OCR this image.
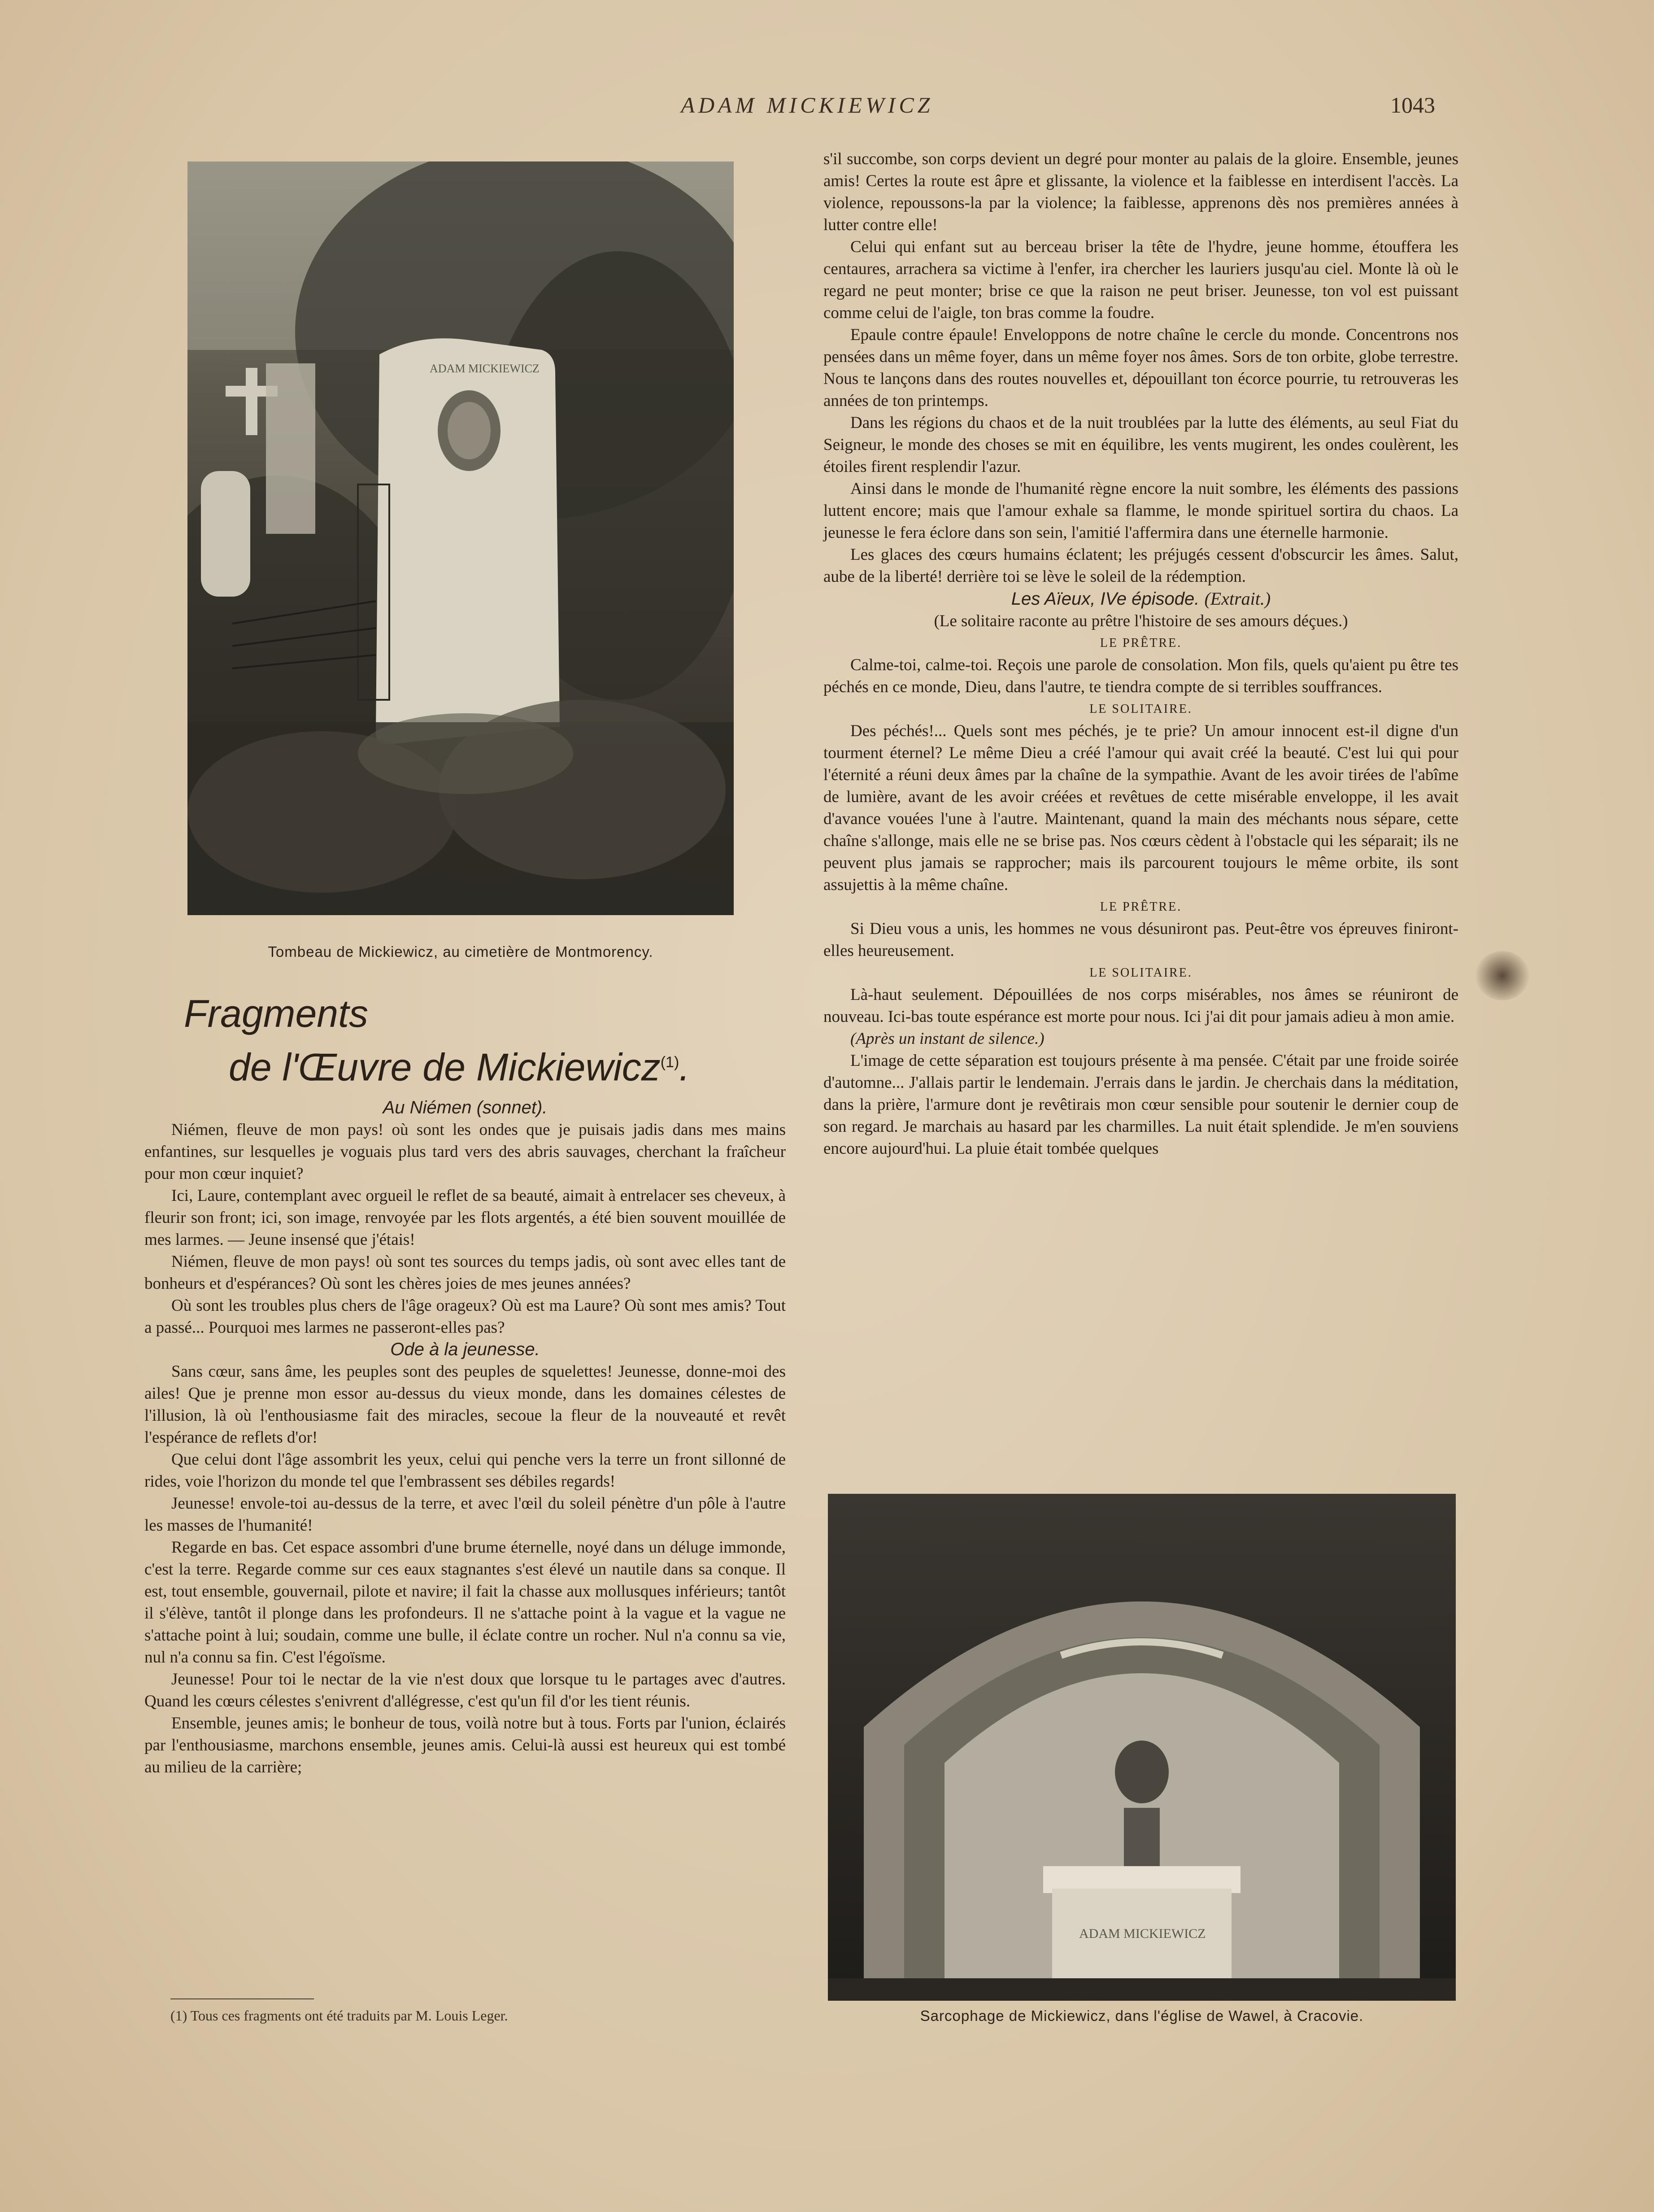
ADAM MICKIEWICZ	1043
ADAM MICKIEWICZ
Tombeau de Mickiewicz, au cimetière de Montmorency.
Fragments
de l'Œuvre de Mickiewicz$^{(1)}$.

Au Niémen (sonnet).

Niémen, fleuve de mon pays! où sont les ondes que je puisais jadis dans mes mains enfantines, sur lesquelles je voguais plus tard vers des abris sauvages, cherchant la fraîcheur pour mon cœur inquiet?

Ici, Laure, contemplant avec orgueil le reflet de sa beauté, aimait à entrelacer ses cheveux, à fleurir son front; ici, son image, renvoyée par les flots argentés, a été bien souvent mouillée de mes larmes. — Jeune insensé que j'étais!

Niémen, fleuve de mon pays! où sont tes sources du temps jadis, où sont avec elles tant de bonheurs et d'espérances? Où sont les chères joies de mes jeunes années?

Où sont les troubles plus chers de l'âge orageux? Où est ma Laure? Où sont mes amis? Tout a passé... Pourquoi mes larmes ne passeront-elles pas?

Ode à la jeunesse.

Sans cœur, sans âme, les peuples sont des peuples de squelettes! Jeunesse, donne-moi des ailes! Que je prenne mon essor au-dessus du vieux monde, dans les domaines célestes de l'illusion, là où l'enthousiasme fait des miracles, secoue la fleur de la nouveauté et revêt l'espérance de reflets d'or!

Que celui dont l'âge assombrit les yeux, celui qui penche vers la terre un front sillonné de rides, voie l'horizon du monde tel que l'embrassent ses débiles regards!

Jeunesse! envole-toi au-dessus de la terre, et avec l'œil du soleil pénètre d'un pôle à l'autre les masses de l'humanité!

Regarde en bas. Cet espace assombri d'une brume éternelle, noyé dans un déluge immonde, c'est la terre. Regarde comme sur ces eaux stagnantes s'est élevé un nautile dans sa conque. Il est, tout ensemble, gouvernail, pilote et navire; il fait la chasse aux mollusques inférieurs; tantôt il s'élève, tantôt il plonge dans les profondeurs. Il ne s'attache point à la vague et la vague ne s'attache point à lui; soudain, comme une bulle, il éclate contre un rocher. Nul n'a connu sa vie, nul n'a connu sa fin. C'est l'égoïsme.

Jeunesse! Pour toi le nectar de la vie n'est doux que lorsque tu le partages avec d'autres. Quand les cœurs célestes s'enivrent d'allégresse, c'est qu'un fil d'or les tient réunis.

Ensemble, jeunes amis; le bonheur de tous, voilà notre but à tous. Forts par l'union, éclairés par l'enthousiasme, marchons ensemble, jeunes amis. Celui-là aussi est heureux qui est tombé au milieu de la carrière;

(1) Tous ces fragments ont été traduits par M. Louis Leger.

s'il succombe, son corps devient un degré pour monter au palais de la gloire. Ensemble, jeunes amis! Certes la route est âpre et glissante, la violence et la faiblesse en interdisent l'accès. La violence, repoussons-la par la violence; la faiblesse, apprenons dès nos premières années à lutter contre elle!

Celui qui enfant sut au berceau briser la tête de l'hydre, jeune homme, étouffera les centaures, arrachera sa victime à l'enfer, ira chercher les lauriers jusqu'au ciel. Monte là où le regard ne peut monter; brise ce que la raison ne peut briser. Jeunesse, ton vol est puissant comme celui de l'aigle, ton bras comme la foudre.

Epaule contre épaule! Enveloppons de notre chaîne le cercle du monde. Concentrons nos pensées dans un même foyer, dans un même foyer nos âmes. Sors de ton orbite, globe terrestre. Nous te lançons dans des routes nouvelles et, dépouillant ton écorce pourrie, tu retrouveras les années de ton printemps.

Dans les régions du chaos et de la nuit troublées par la lutte des éléments, au seul Fiat du Seigneur, le monde des choses se mit en équilibre, les vents mugirent, les ondes coulèrent, les étoiles firent resplendir l'azur.

Ainsi dans le monde de l'humanité règne encore la nuit sombre, les éléments des passions luttent encore; mais que l'amour exhale sa flamme, le monde spirituel sortira du chaos. La jeunesse le fera éclore dans son sein, l'amitié l'affermira dans une éternelle harmonie.

Les glaces des cœurs humains éclatent; les préjugés cessent d'obscurcir les âmes. Salut, aube de la liberté! derrière toi se lève le soleil de la rédemption.

Les Aïeux, IVe épisode. (Extrait.)

(Le solitaire raconte au prêtre l'histoire de ses amours déçues.)

LE PRÊTRE.

Calme-toi, calme-toi. Reçois une parole de consolation. Mon fils, quels qu'aient pu être tes péchés en ce monde, Dieu, dans l'autre, te tiendra compte de si terribles souffrances.

LE SOLITAIRE.

Des péchés!... Quels sont mes péchés, je te prie? Un amour innocent est-il digne d'un tourment éternel? Le même Dieu a créé l'amour qui avait créé la beauté. C'est lui qui pour l'éternité a réuni deux âmes par la chaîne de la sympathie. Avant de les avoir tirées de l'abîme de lumière, avant de les avoir créées et revêtues de cette misérable enveloppe, il les avait d'avance vouées l'une à l'autre. Maintenant, quand la main des méchants nous sépare, cette chaîne s'allonge, mais elle ne se brise pas. Nos cœurs cèdent à l'obstacle qui les séparait; ils ne peuvent plus jamais se rapprocher; mais ils parcourent toujours le même orbite, ils sont assujettis à la même chaîne.

LE PRÊTRE.

Si Dieu vous a unis, les hommes ne vous désuniront pas. Peut-être vos épreuves finiront-elles heureusement.

LE SOLITAIRE.

Là-haut seulement. Dépouillées de nos corps misérables, nos âmes se réuniront de nouveau. Ici-bas toute espérance est morte pour nous. Ici j'ai dit pour jamais adieu à mon amie.

(Après un instant de silence.)

L'image de cette séparation est toujours présente à ma pensée. C'était par une froide soirée d'automne... J'allais partir le lendemain. J'errais dans le jardin. Je cherchais dans la méditation, dans la prière, l'armure dont je revêtirais mon cœur sensible pour soutenir le dernier coup de son regard. Je marchais au hasard par les charmilles. La nuit était splendide. Je m'en souviens encore aujourd'hui. La pluie était tombée quelques

ADAM MICKIEWICZ
Sarcophage de Mickiewicz, dans l'église de Wawel, à Cracovie.
